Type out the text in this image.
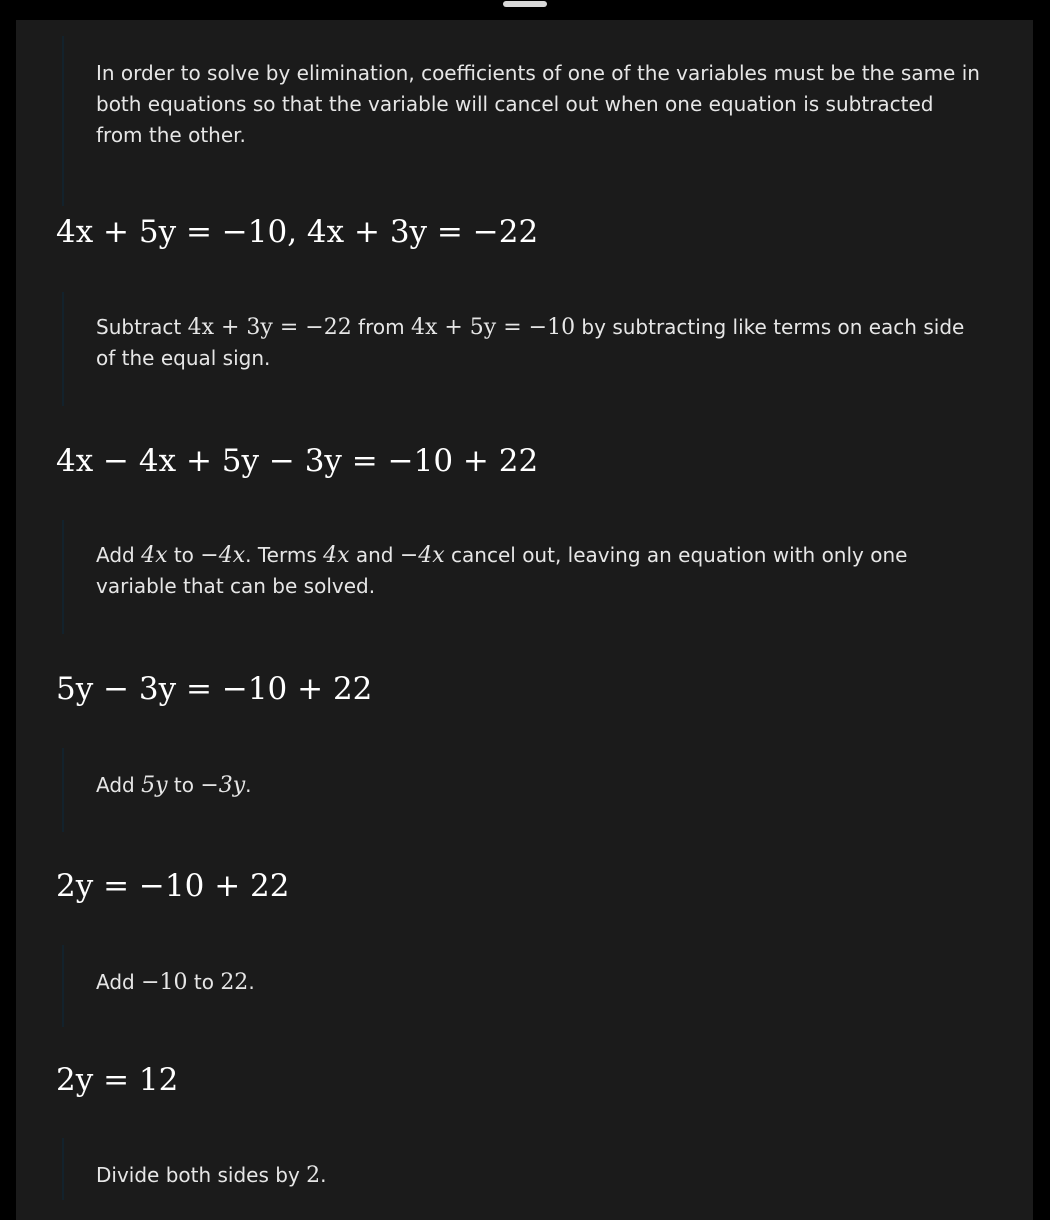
In order to solve by elimination, coefficients of one of the variables must be the same in both equations so that the variable will cancel out when one equation is subtracted from the other.
4x + 5y = −10, 4x + 3y = −22
Subtract 4x + 3y = −22 from 4x + 5y = −10 by subtracting like terms on each side of the equal sign.
4x − 4x + 5y − 3y = −10 + 22
Add 4x to −4x. Terms 4x and −4x cancel out, leaving an equation with only one variable that can be solved.
5y − 3y = −10 + 22
Add 5y to −3y.
2y = −10 + 22
Add −10 to 22.
2y = 12
Divide both sides by 2.
